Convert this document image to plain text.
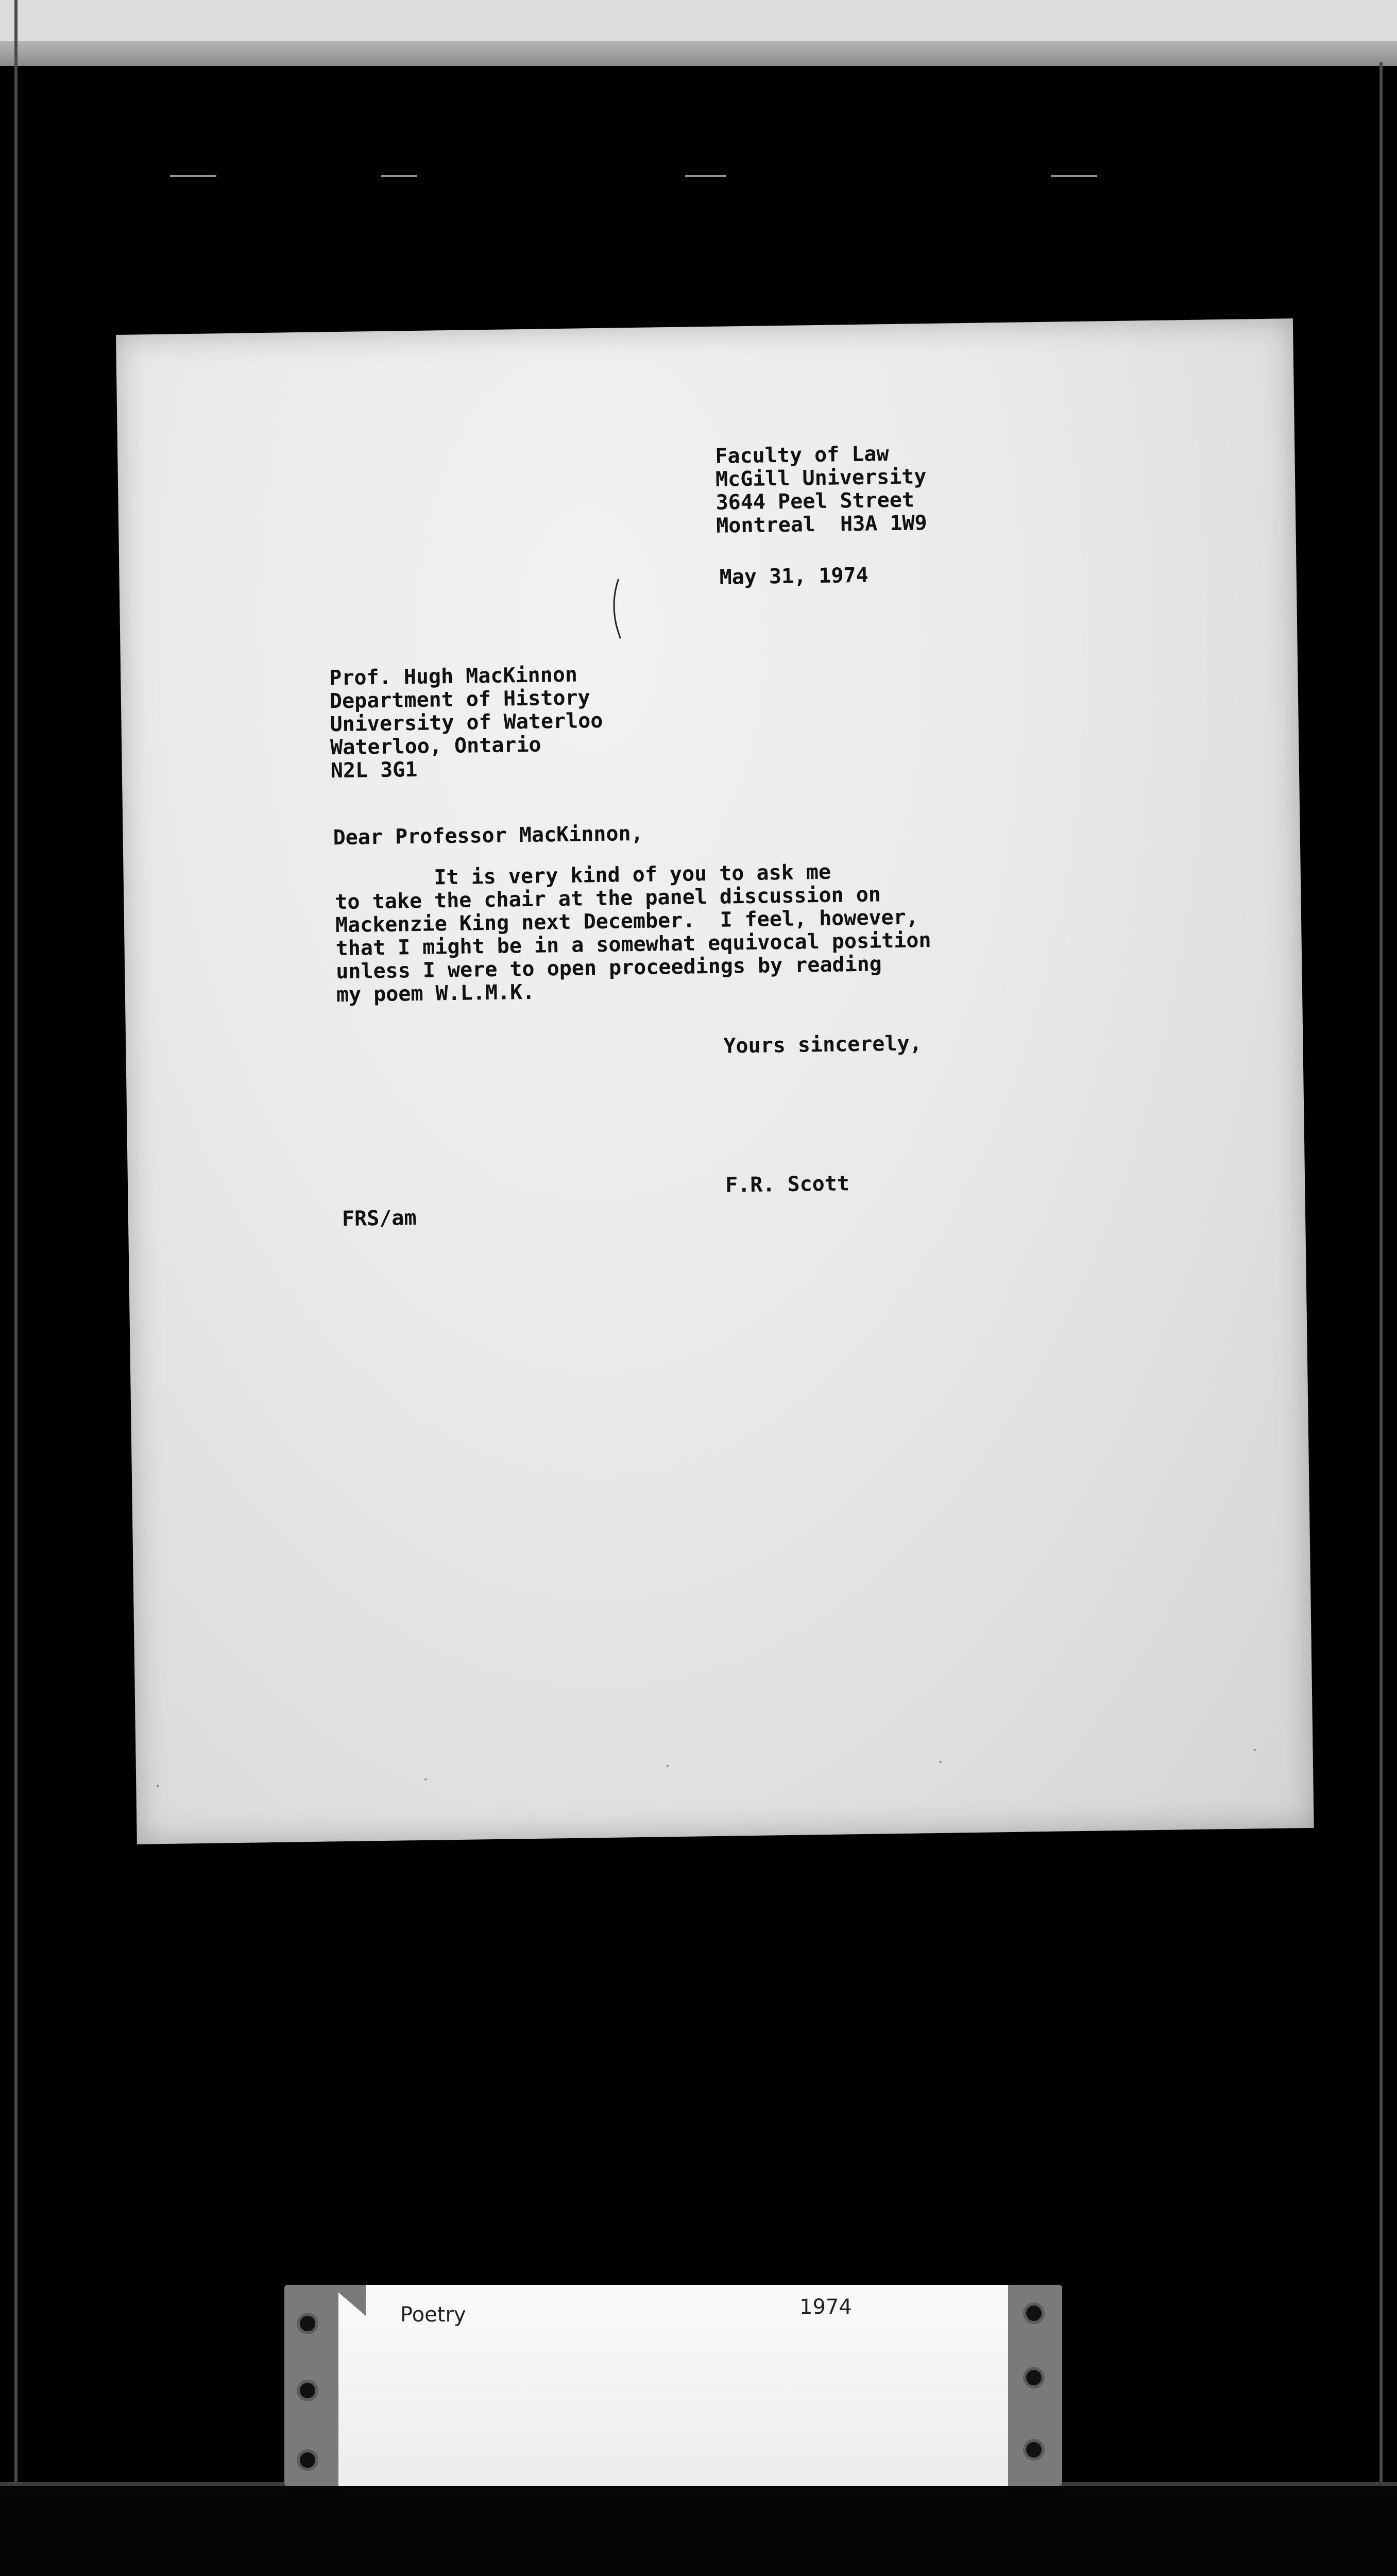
Faculty of Law
McGill University
3644 Peel Street
Montreal  H3A 1W9
May 31, 1974
Prof. Hugh MacKinnon
Department of History
University of Waterloo
Waterloo, Ontario
N2L 3G1
Dear Professor MacKinnon,
It is very kind of you to ask me
to take the chair at the panel discussion on
Mackenzie King next December.  I feel, however,
that I might be in a somewhat equivocal position
unless I were to open proceedings by reading
my poem W.L.M.K.
Yours sincerely,
F.R. Scott
FRS/am
Poetry	1974
